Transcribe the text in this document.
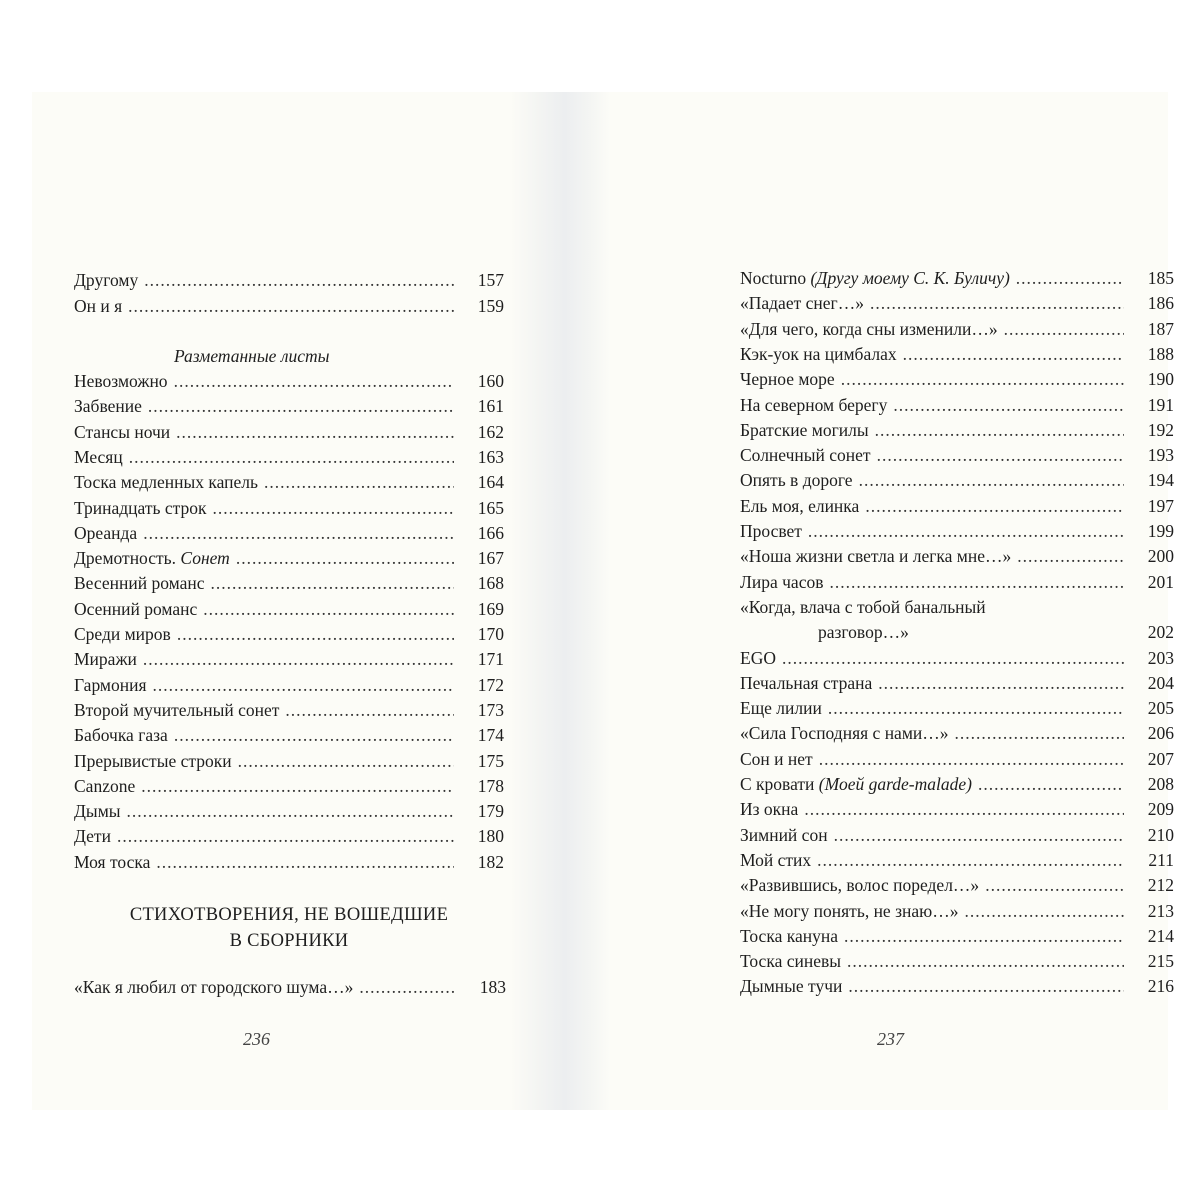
Другому .....	157
Он и я .....	159
Разметанные листы
Невозможно .....	160
Забвение .....	161
Стансы ночи .....	162
Месяц .....	163
Тоска медленных капель .....	164
Тринадцать строк .....	165
Ореанда .....	166
Дремотность. Сонет .....	167
Весенний романс .....	168
Осенний романс .....	169
Среди миров .....	170
Миражи .....	171
Гармония .....	172
Второй мучительный сонет .....	173
Бабочка газа .....	174
Прерывистые строки .....	175
Canzone .....	178
Дымы .....	179
Дети .....	180
Моя тоска .....	182
СТИХОТВОРЕНИЯ, НЕ ВОШЕДШИЕ
В СБОРНИКИ
«Как я любил от городского шума…» .....	183
236
Nocturno (Другу моему С. К. Буличу) .....	185
«Падает снег…» .....	186
«Для чего, когда сны изменили…» .....	187
Кэк-уок на цимбалах .....	188
Черное море .....	190
На северном берегу .....	191
Братские могилы .....	192
Солнечный сонет .....	193
Опять в дороге .....	194
Ель моя, елинка .....	197
Просвет .....	199
«Ноша жизни светла и легка мне…» .....	200
Лира часов .....	201
«Когда, влача с тобой банальный
разговор…»	202
EGO .....	203
Печальная страна .....	204
Еще лилии .....	205
«Сила Господняя с нами…» .....	206
Сон и нет .....	207
С кровати (Моей garde-malade) .....	208
Из окна .....	209
Зимний сон .....	210
Мой стих .....	211
«Развившись, волос поредел…» .....	212
«Не могу понять, не знаю…» .....	213
Тоска кануна .....	214
Тоска синевы .....	215
Дымные тучи .....	216
237
